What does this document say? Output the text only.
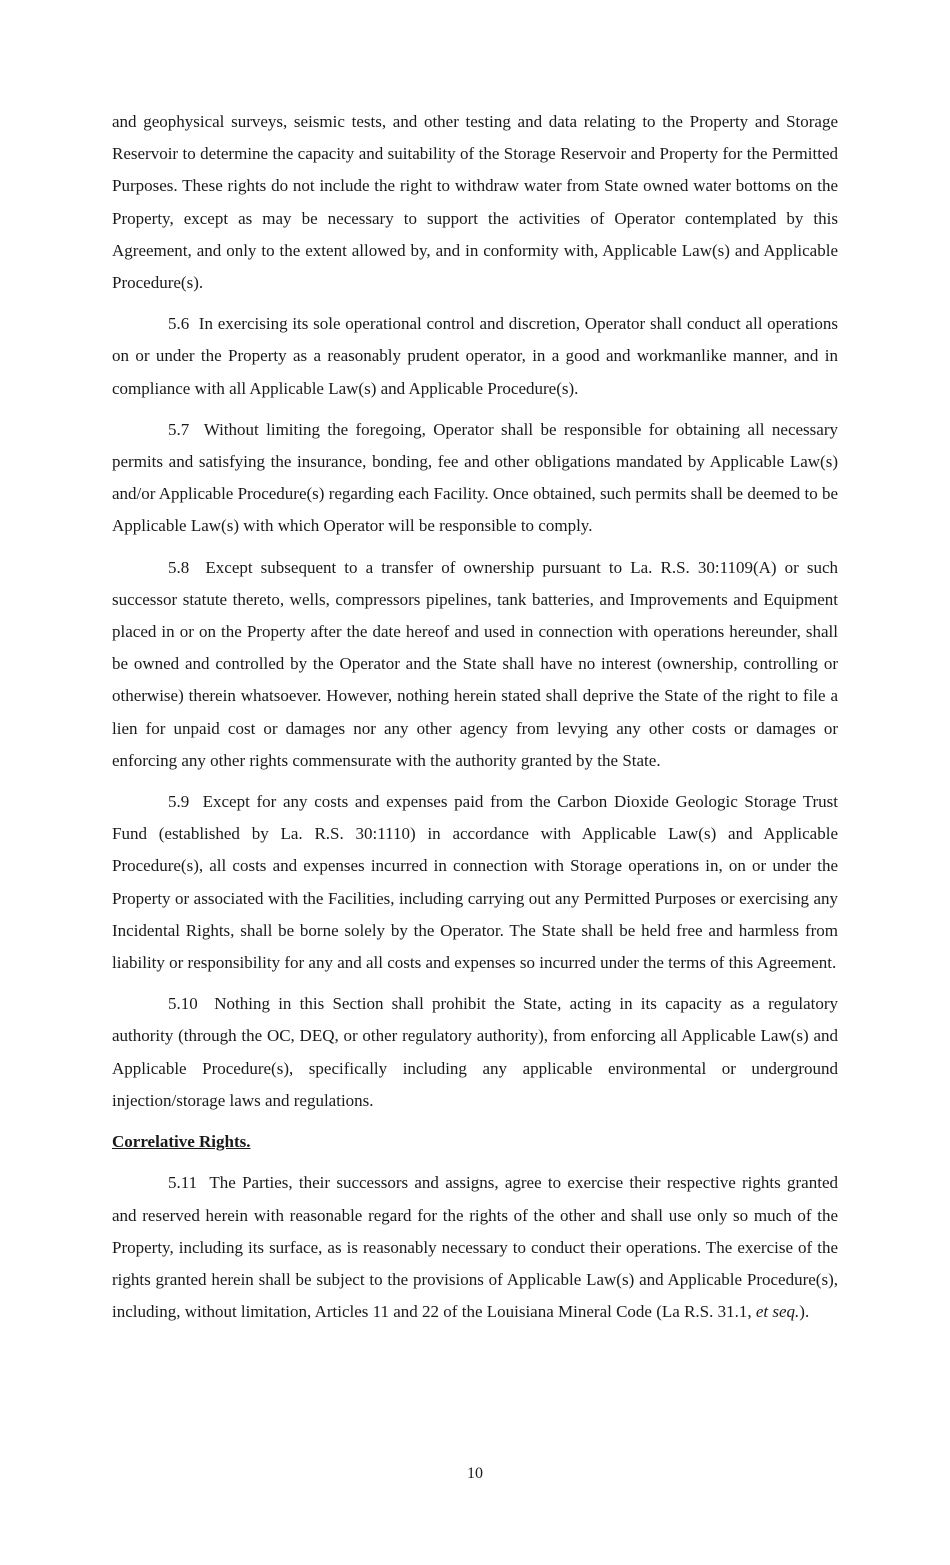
and geophysical surveys, seismic tests, and other testing and data relating to the Property and Storage Reservoir to determine the capacity and suitability of the Storage Reservoir and Property for the Permitted Purposes. These rights do not include the right to withdraw water from State owned water bottoms on the Property, except as may be necessary to support the activities of Operator contemplated by this Agreement, and only to the extent allowed by, and in conformity with, Applicable Law(s) and Applicable Procedure(s).

5.6 In exercising its sole operational control and discretion, Operator shall conduct all operations on or under the Property as a reasonably prudent operator, in a good and workmanlike manner, and in compliance with all Applicable Law(s) and Applicable Procedure(s).

5.7 Without limiting the foregoing, Operator shall be responsible for obtaining all necessary permits and satisfying the insurance, bonding, fee and other obligations mandated by Applicable Law(s) and/or Applicable Procedure(s) regarding each Facility. Once obtained, such permits shall be deemed to be Applicable Law(s) with which Operator will be responsible to comply.

5.8 Except subsequent to a transfer of ownership pursuant to La. R.S. 30:1109(A) or such successor statute thereto, wells, compressors pipelines, tank batteries, and Improvements and Equipment placed in or on the Property after the date hereof and used in connection with operations hereunder, shall be owned and controlled by the Operator and the State shall have no interest (ownership, controlling or otherwise) therein whatsoever. However, nothing herein stated shall deprive the State of the right to file a lien for unpaid cost or damages nor any other agency from levying any other costs or damages or enforcing any other rights commensurate with the authority granted by the State.

5.9 Except for any costs and expenses paid from the Carbon Dioxide Geologic Storage Trust Fund (established by La. R.S. 30:1110) in accordance with Applicable Law(s) and Applicable Procedure(s), all costs and expenses incurred in connection with Storage operations in, on or under the Property or associated with the Facilities, including carrying out any Permitted Purposes or exercising any Incidental Rights, shall be borne solely by the Operator. The State shall be held free and harmless from liability or responsibility for any and all costs and expenses so incurred under the terms of this Agreement.

5.10 Nothing in this Section shall prohibit the State, acting in its capacity as a regulatory authority (through the OC, DEQ, or other regulatory authority), from enforcing all Applicable Law(s) and Applicable Procedure(s), specifically including any applicable environmental or underground injection/storage laws and regulations.

Correlative Rights.

5.11 The Parties, their successors and assigns, agree to exercise their respective rights granted and reserved herein with reasonable regard for the rights of the other and shall use only so much of the Property, including its surface, as is reasonably necessary to conduct their operations. The exercise of the rights granted herein shall be subject to the provisions of Applicable Law(s) and Applicable Procedure(s), including, without limitation, Articles 11 and 22 of the Louisiana Mineral Code (La R.S. 31.1, et seq.).

10
